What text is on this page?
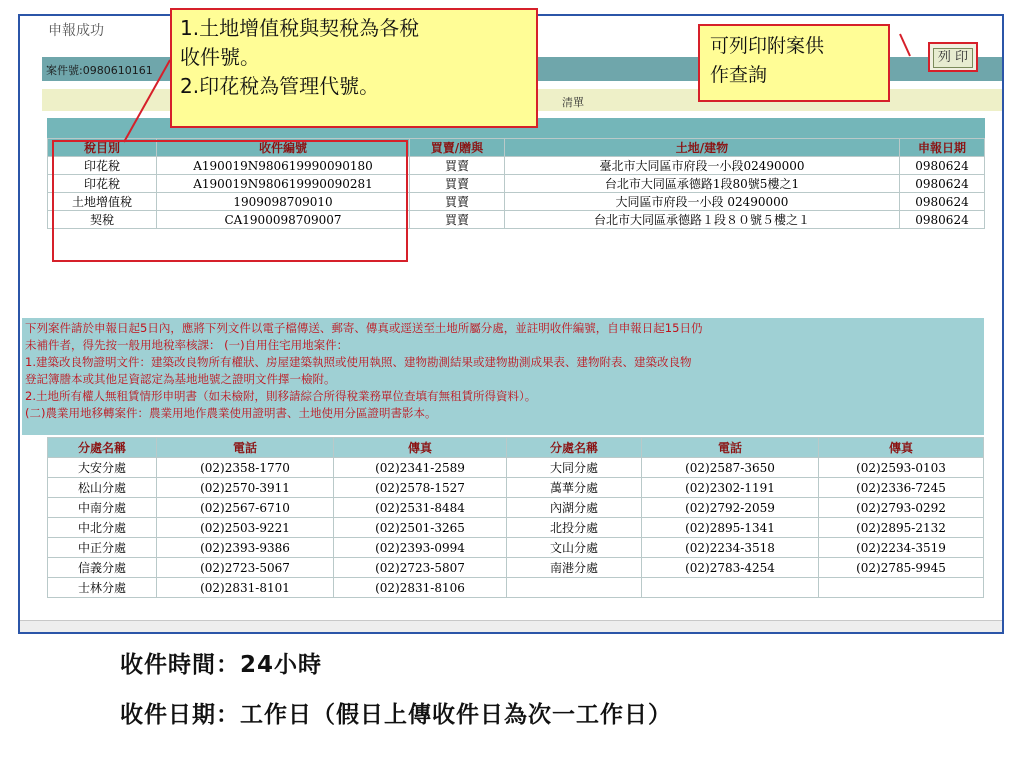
申報成功
案件號:0980610161
清單
稅目別	收件編號	買賣/贈與	土地/建物	申報日期
印花稅	A190019N980619990090180	買賣	臺北市大同區市府段一小段02490000	0980624
印花稅	A190019N980619990090281	買賣	台北市大同區承德路1段80號5樓之1	0980624
土地增值稅	1909098709010	買賣	大同區市府段一小段 02490000	0980624
契稅	CA1900098709007	買賣	台北市大同區承德路１段８０號５樓之１	0980624
下列案件請於申報日起5日內，應將下列文件以電子檔傳送、郵寄、傳真或逕送至土地所屬分處，並註明收件編號，自申報日起15日仍
未補件者，得先按一般用地稅率核課： (一)自用住宅用地案件：
1.建築改良物證明文件：建築改良物所有權狀、房屋建築執照或使用執照、建物勘測結果或建物勘測成果表、建物附表、建築改良物
登記簿謄本或其他足資認定為基地地號之證明文件擇一檢附。
2.土地所有權人無租賃情形申明書（如未檢附，則移請綜合所得稅業務單位查填有無租賃所得資料）。
(二)農業用地移轉案件：農業用地作農業使用證明書、土地使用分區證明書影本。
分處名稱	電話	傳真	分處名稱	電話	傳真
大安分處	(02)2358-1770	(02)2341-2589	大同分處	(02)2587-3650	(02)2593-0103
松山分處	(02)2570-3911	(02)2578-1527	萬華分處	(02)2302-1191	(02)2336-7245
中南分處	(02)2567-6710	(02)2531-8484	內湖分處	(02)2792-2059	(02)2793-0292
中北分處	(02)2503-9221	(02)2501-3265	北投分處	(02)2895-1341	(02)2895-2132
中正分處	(02)2393-9386	(02)2393-0994	文山分處	(02)2234-3518	(02)2234-3519
信義分處	(02)2723-5067	(02)2723-5807	南港分處	(02)2783-4254	(02)2785-9945
士林分處	(02)2831-8101	(02)2831-8106			
1.土地增值稅與契稅為各稅
收件號。
2.印花稅為管理代號。
可列印附案供
作查詢
列 印
收件時間：24小時
收件日期：工作日（假日上傳收件日為次一工作日）
